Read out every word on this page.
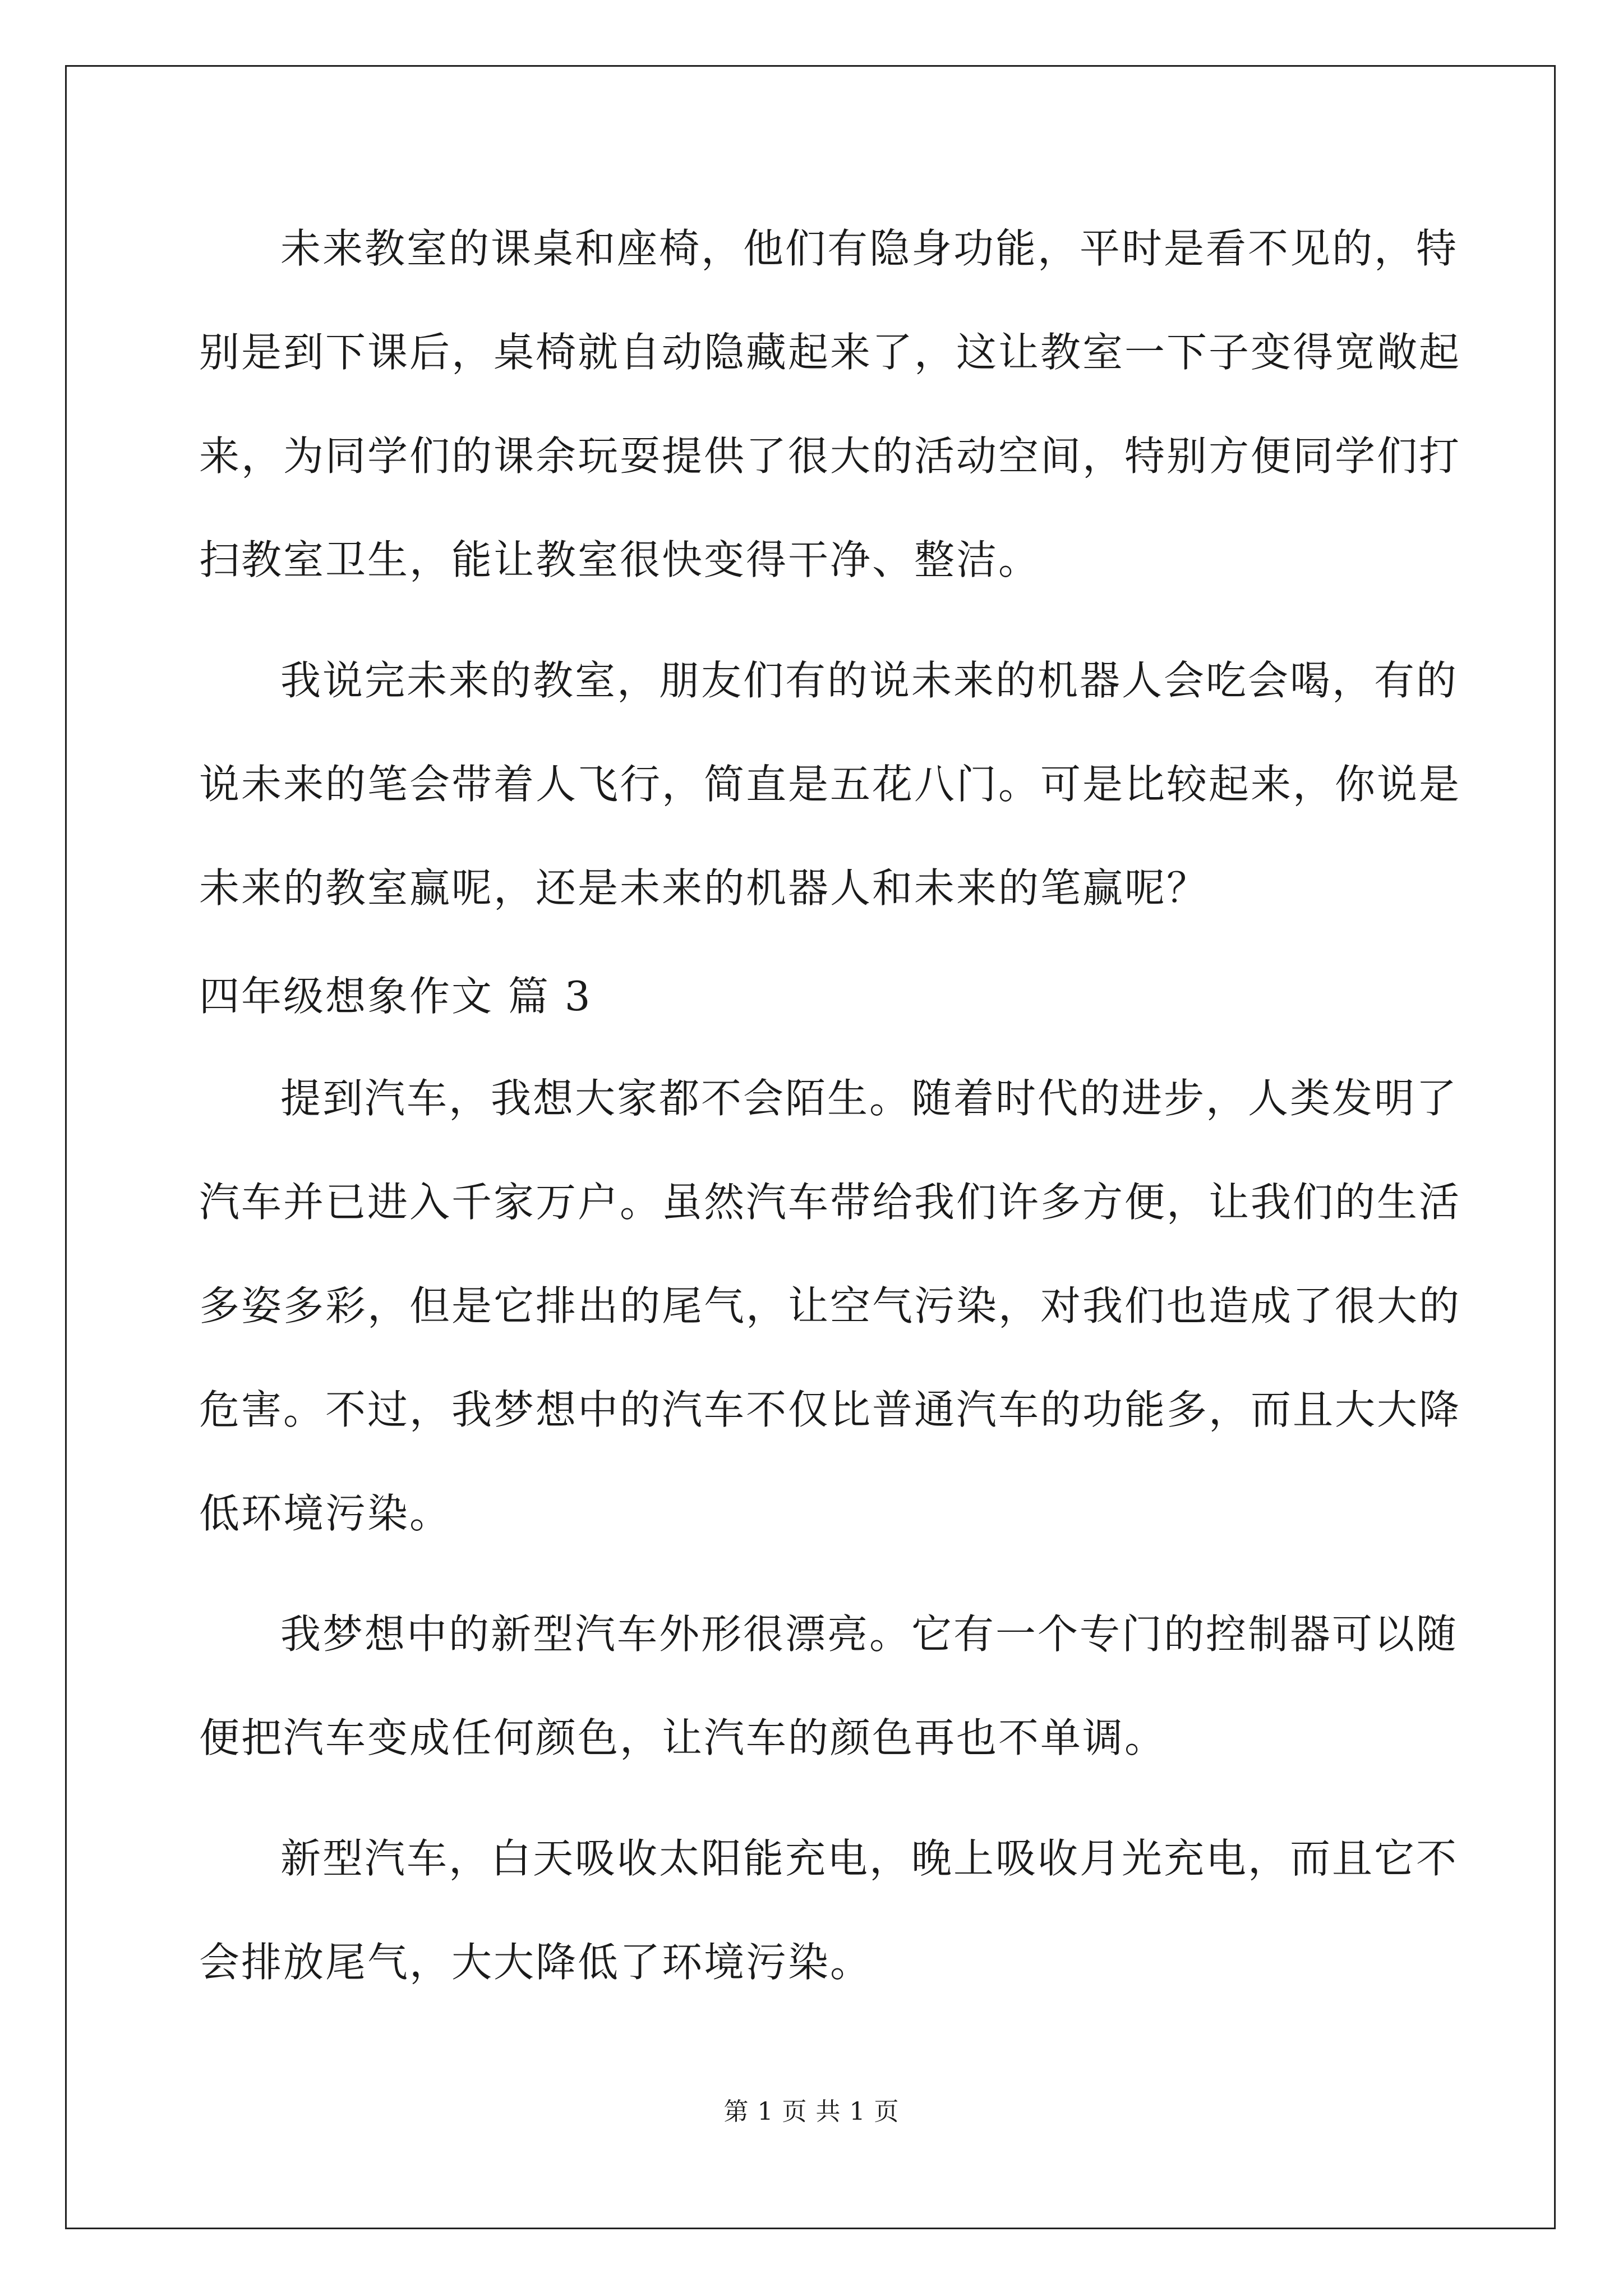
未来教室的课桌和座椅，他们有隐身功能，平时是看不见的，特
别是到下课后，桌椅就自动隐藏起来了，这让教室一下子变得宽敞起
来，为同学们的课余玩耍提供了很大的活动空间，特别方便同学们打
扫教室卫生，能让教室很快变得干净、整洁。
我说完未来的教室，朋友们有的说未来的机器人会吃会喝，有的
说未来的笔会带着人飞行，简直是五花八门。可是比较起来，你说是
未来的教室赢呢，还是未来的机器人和未来的笔赢呢？
四年级想象作文 篇 3
提到汽车，我想大家都不会陌生。随着时代的进步，人类发明了
汽车并已进入千家万户。虽然汽车带给我们许多方便，让我们的生活
多姿多彩，但是它排出的尾气，让空气污染，对我们也造成了很大的
危害。不过，我梦想中的汽车不仅比普通汽车的功能多，而且大大降
低环境污染。
我梦想中的新型汽车外形很漂亮。它有一个专门的控制器可以随
便把汽车变成任何颜色，让汽车的颜色再也不单调。
新型汽车，白天吸收太阳能充电，晚上吸收月光充电，而且它不
会排放尾气，大大降低了环境污染。
第 1 页 共 1 页
